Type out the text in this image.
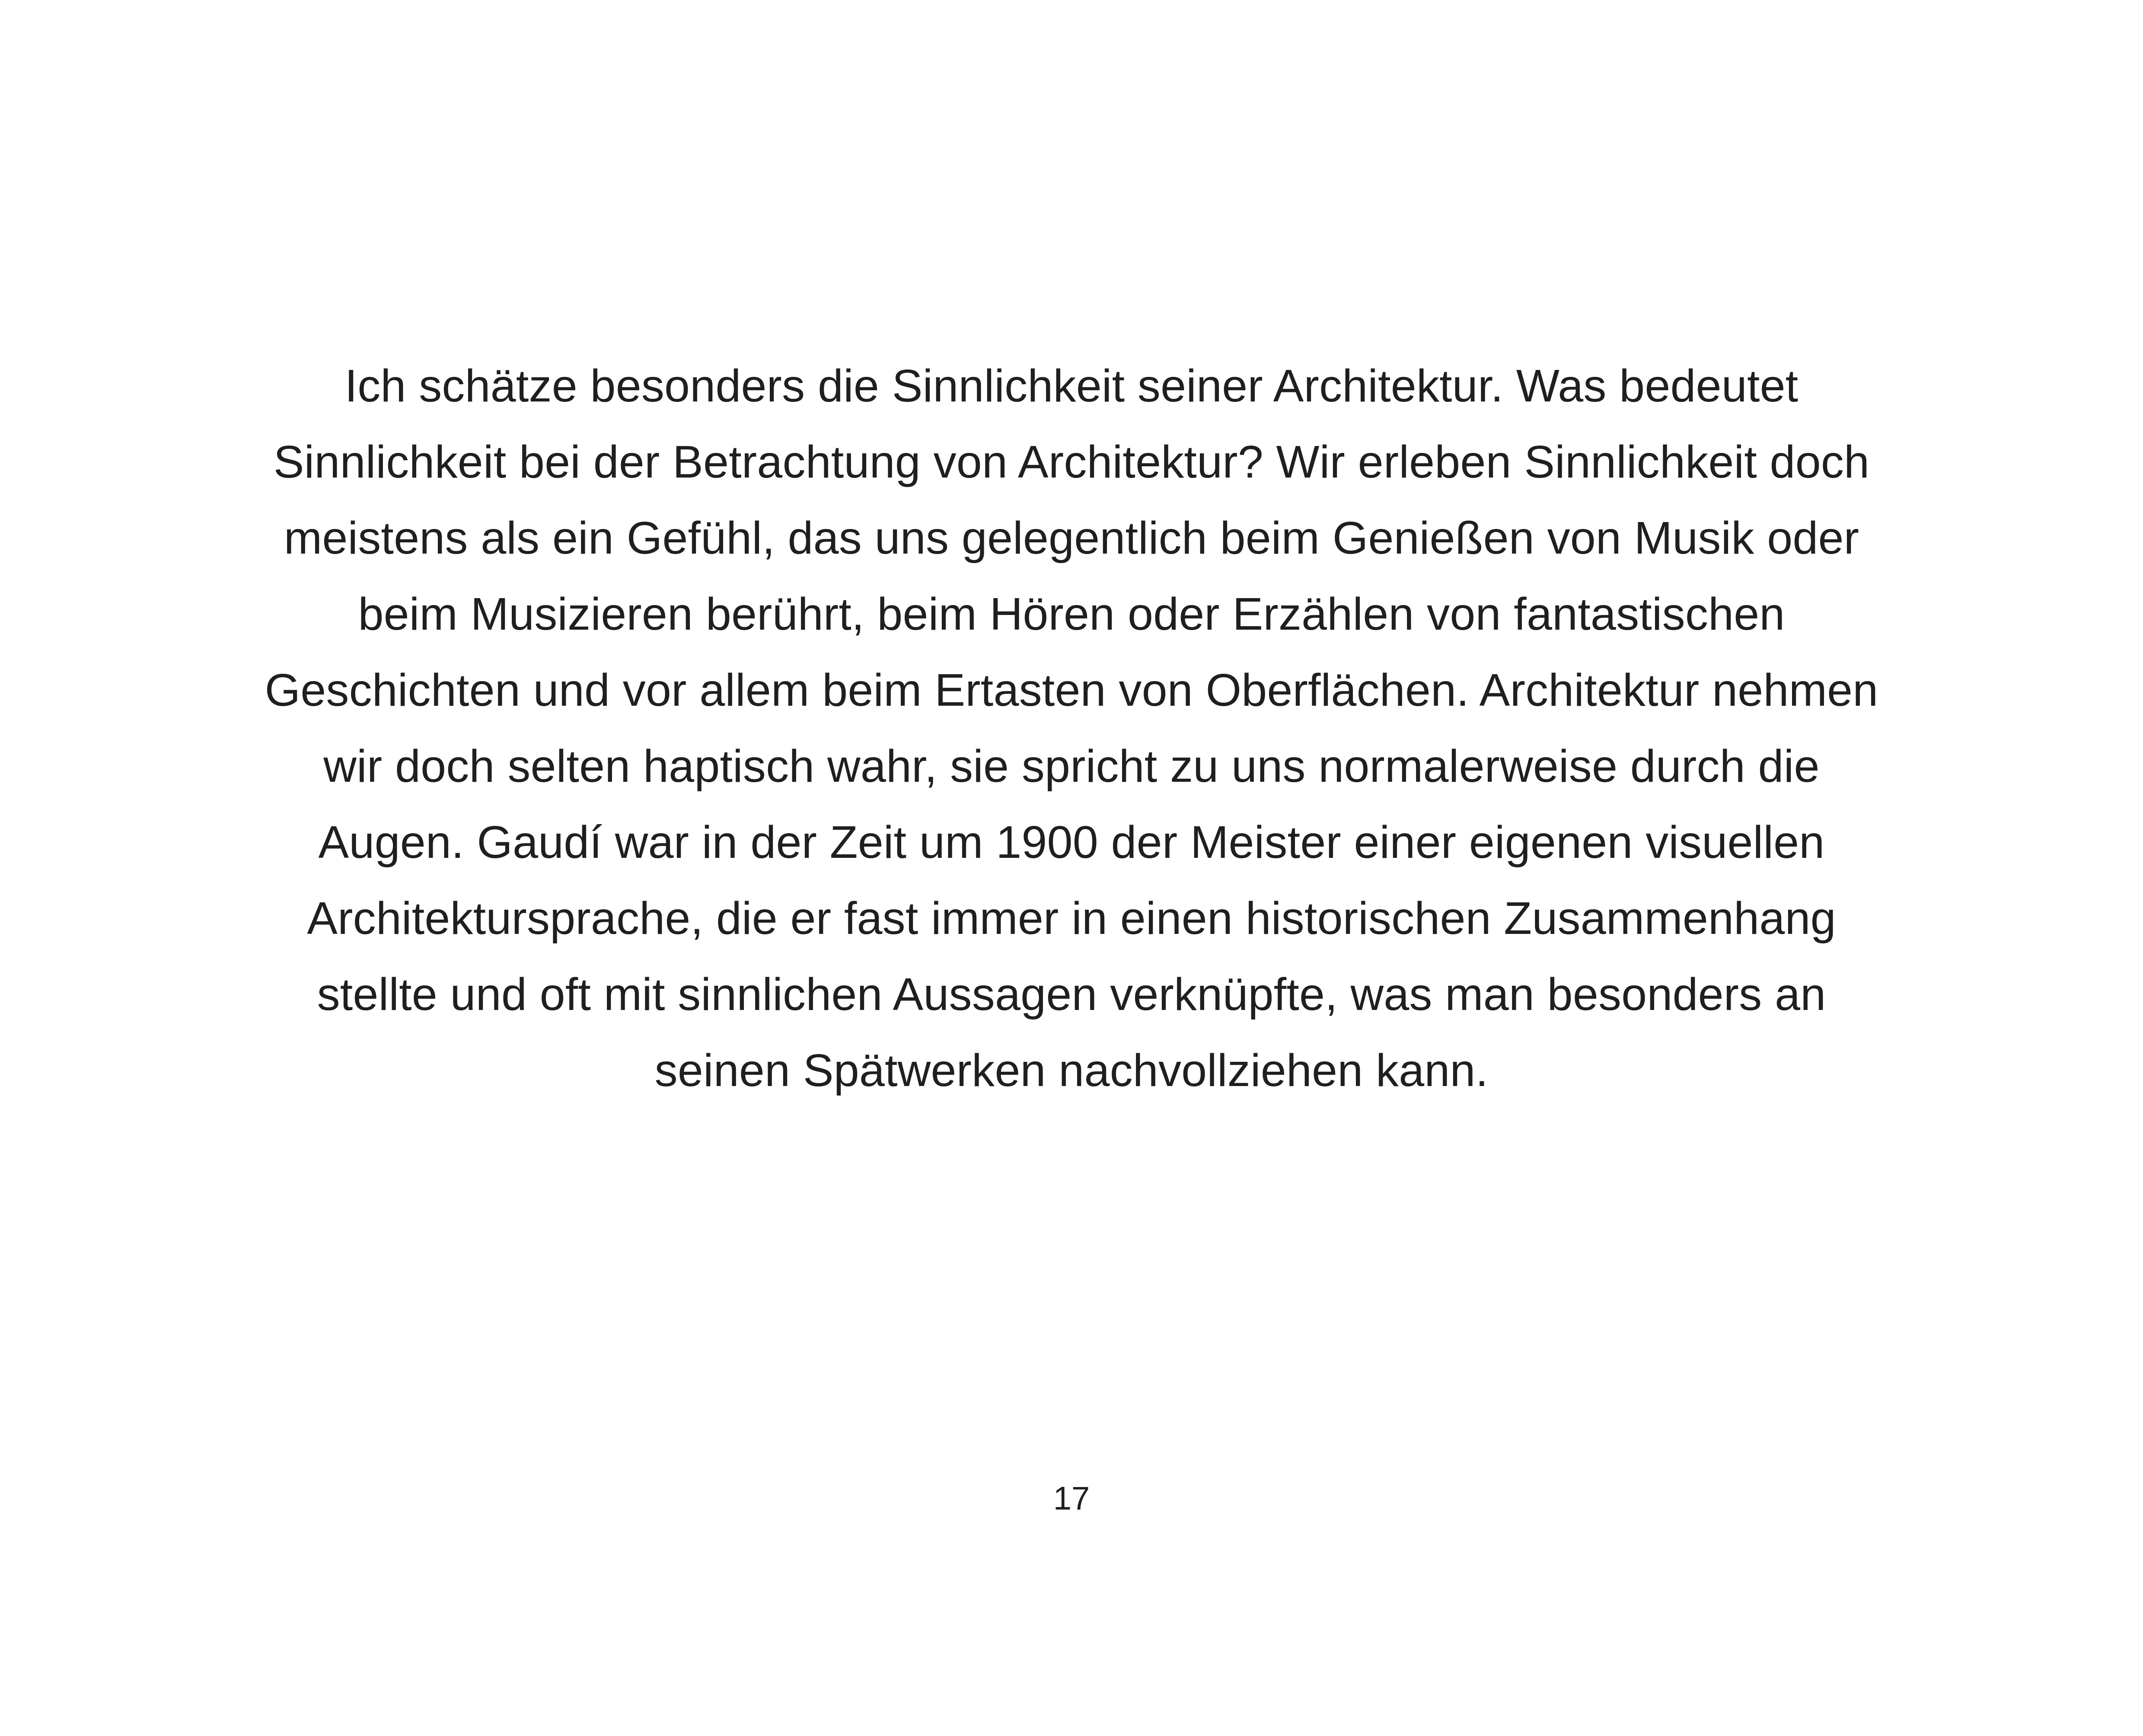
Ich schätze besonders die Sinnlichkeit seiner Architektur. Was bedeutet
Sinnlichkeit bei der Betrachtung von Architektur? Wir erleben Sinnlichkeit doch
meistens als ein Gefühl, das uns gelegentlich beim Genießen von Musik oder
beim Musizieren berührt, beim Hören oder Erzählen von fantastischen
Geschichten und vor allem beim Ertasten von Oberflächen. Architektur nehmen
wir doch selten haptisch wahr, sie spricht zu uns normalerweise durch die
Augen. Gaudí war in der Zeit um 1900 der Meister einer eigenen visuellen
Architektursprache, die er fast immer in einen historischen Zusammenhang
stellte und oft mit sinnlichen Aussagen verknüpfte, was man besonders an
seinen Spätwerken nachvollziehen kann.
17
